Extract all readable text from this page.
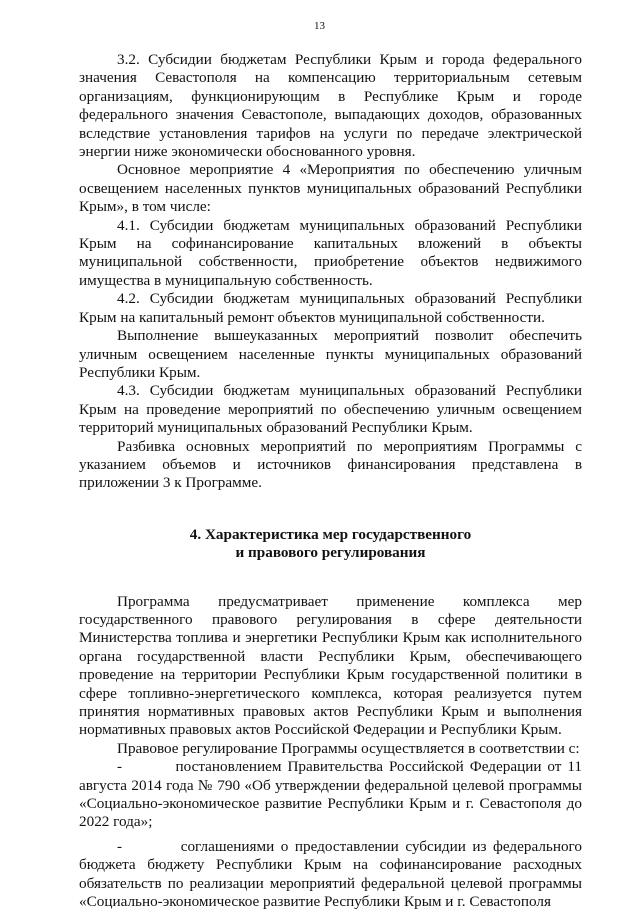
13

3.2. Субсидии бюджетам Республики Крым и города федерального значения Севастополя на компенсацию территориальным сетевым организациям, функционирующим в Республике Крым и городе федерального значения Севастополе, выпадающих доходов, образованных вследствие установления тарифов на услуги по передаче электрической энергии ниже экономически обоснованного уровня.

Основное мероприятие 4 «Мероприятия по обеспечению уличным освещением населенных пунктов муниципальных образований Республики Крым», в том числе:

4.1. Субсидии бюджетам муниципальных образований Республики Крым на софинансирование капитальных вложений в объекты муниципальной собственности, приобретение объектов недвижимого имущества в муниципальную собственность.

4.2. Субсидии бюджетам муниципальных образований Республики Крым на капитальный ремонт объектов муниципальной собственности.

Выполнение вышеуказанных мероприятий позволит обеспечить уличным освещением населенные пункты муниципальных образований Республики Крым.

4.3. Субсидии бюджетам муниципальных образований Республики Крым на проведение мероприятий по обеспечению уличным освещением территорий муниципальных образований Республики Крым.

Разбивка основных мероприятий по мероприятиям Программы с указанием объемов и источников финансирования представлена в приложении 3 к Программе.

4. Характеристика мер государственного
и правового регулирования

Программа предусматривает применение комплекса мер государственного правового регулирования в сфере деятельности Министерства топлива и энергетики Республики Крым как исполнительного органа государственной власти Республики Крым, обеспечивающего проведение на территории Республики Крым государственной политики в сфере топливно-энергетического комплекса, которая реализуется путем принятия нормативных правовых актов Республики Крым и выполнения нормативных правовых актов Российской Федерации и Республики Крым.

Правовое регулирование Программы осуществляется в соответствии с:

-         постановлением Правительства Российской Федерации от 11 августа 2014 года № 790 «Об утверждении федеральной целевой программы «Социально-экономическое развитие Республики Крым и г. Севастополя до 2022 года»;

-         соглашениями о предоставлении субсидии из федерального бюджета бюджету Республики Крым на софинансирование расходных обязательств по реализации мероприятий федеральной целевой программы «Социально-экономическое развитие Республики Крым и г. Севастополя
